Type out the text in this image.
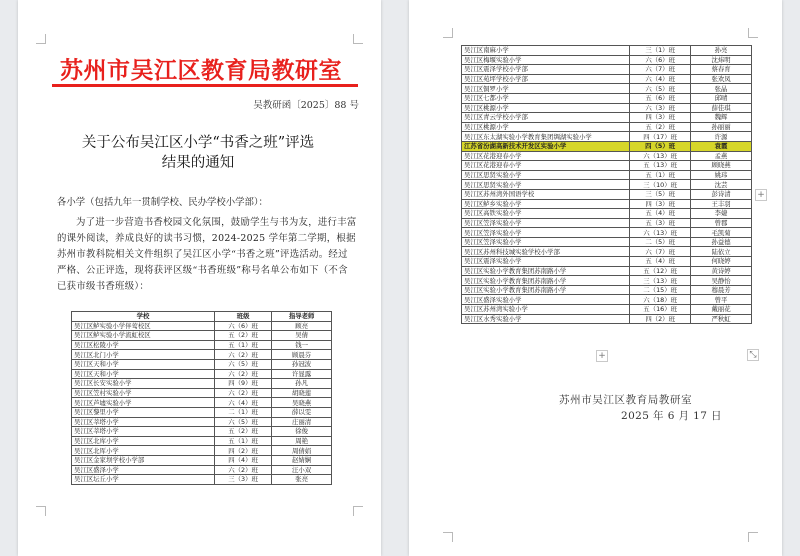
苏州市吴江区教育局教研室
吴教研函〔2025〕88 号
关于公布吴江区小学“书香之班”评选
结果的通知
各小学（包括九年一贯制学校、民办学校小学部）：
为了进一步营造书香校园文化氛围，鼓励学生与书为友，进行丰富的课外阅读，养成良好的读书习惯，2024-2025 学年第二学期，根据苏州市教科院相关文件组织了吴江区小学“书香之班”评选活动。经过严格、公正评选，现将获评区级“书香班级”称号名单公布如下（不含已获市级书香班级）：
学校	班级	指导老师
吴江区鲈实验小学伴莺校区	六（6）班	顾亮
吴江区鲈实验小学流虹校区	五（2）班	吴倩
吴江区松陵小学	五（1）班	钱一
吴江区北门小学	六（2）班	顾晨芬
吴江区天和小学	六（5）班	孙冠波
吴江区天和小学	六（2）班	许显露
吴江区长安实验小学	四（9）班	孙凡
吴江区笠村实验小学	六（2）班	胡晓莲
吴江区芦墟实验小学	六（4）班	吴晓燕
吴江区黎里小学	二（1）班	薛以雯
吴江区莘塔小学	六（5）班	庄丽清
吴江区莘塔小学	五（2）班	徐俊
吴江区北库小学	五（1）班	周艳
吴江区北厍小学	四（2）班	周倩娟
吴江区金家坝学校小学部	四（4）班	赵婧娴
吴江区盛泽小学	六（2）班	汪小双
吴江区坛丘小学	三（3）班	张亮
吴江区南麻小学	三（1）班	孙亮
吴江区梅堰实验小学	六（6）班	沈炜明
吴江区震泽学校小学部	六（7）班	蔡春育
吴江区苑坪学校小学部	六（4）班	张欢凤
吴江区铜罗小学	六（5）班	张晶
吴江区七都小学	五（6）班	邱晴
吴江区桃源小学	六（3）班	薛佳琪
吴江区青云学校小学部	四（3）班	魏辉
吴江区桃源小学	五（2）班	孙丽丽
吴江区东太湖实验小学教育集团绸湖实验小学	四（17）班	许源
江苏省汾湖高新技术开发区实验小学	四（5）班	袁霞
吴江区花港迎春小学	六（13）班	孟燕
吴江区花港迎春小学	五（13）班	顾晓燕
吴江区思贤实验小学	五（1）班	姚玮
吴江区思贤实验小学	三（10）班	沈芸
吴江区苏州湾外国语学校	三（5）班	彭诗清
吴江区鲈乡实验小学	四（3）班	王丰羽
吴江区高铁实验小学	五（4）班	李婕
吴江区笠泽实验小学	五（3）班	曾郡
吴江区笠泽实验小学	六（13）班	毛凯菊
吴江区笠泽实验小学	二（5）班	孙益德
吴江区苏州科技城实验学校小学部	六（7）班	陆依立
吴江区震泽实验小学	五（4）班	何晓婷
吴江区实验小学教育集团苏南路小学	五（12）班	黄诗婷
吴江区实验小学教育集团苏南路小学	三（13）班	吴静怡
吴江区实验小学教育集团苏南路小学	二（15）班	穆晨芳
吴江区盛泽实验小学	六（18）班	曾平
吴江区苏州湾实验小学	五（16）班	戴丽花
吴江区水秀实验小学	四（2）班	严秋虹
苏州市吴江区教育局教研室
2025 年 6 月 17 日
+
+	⤡
